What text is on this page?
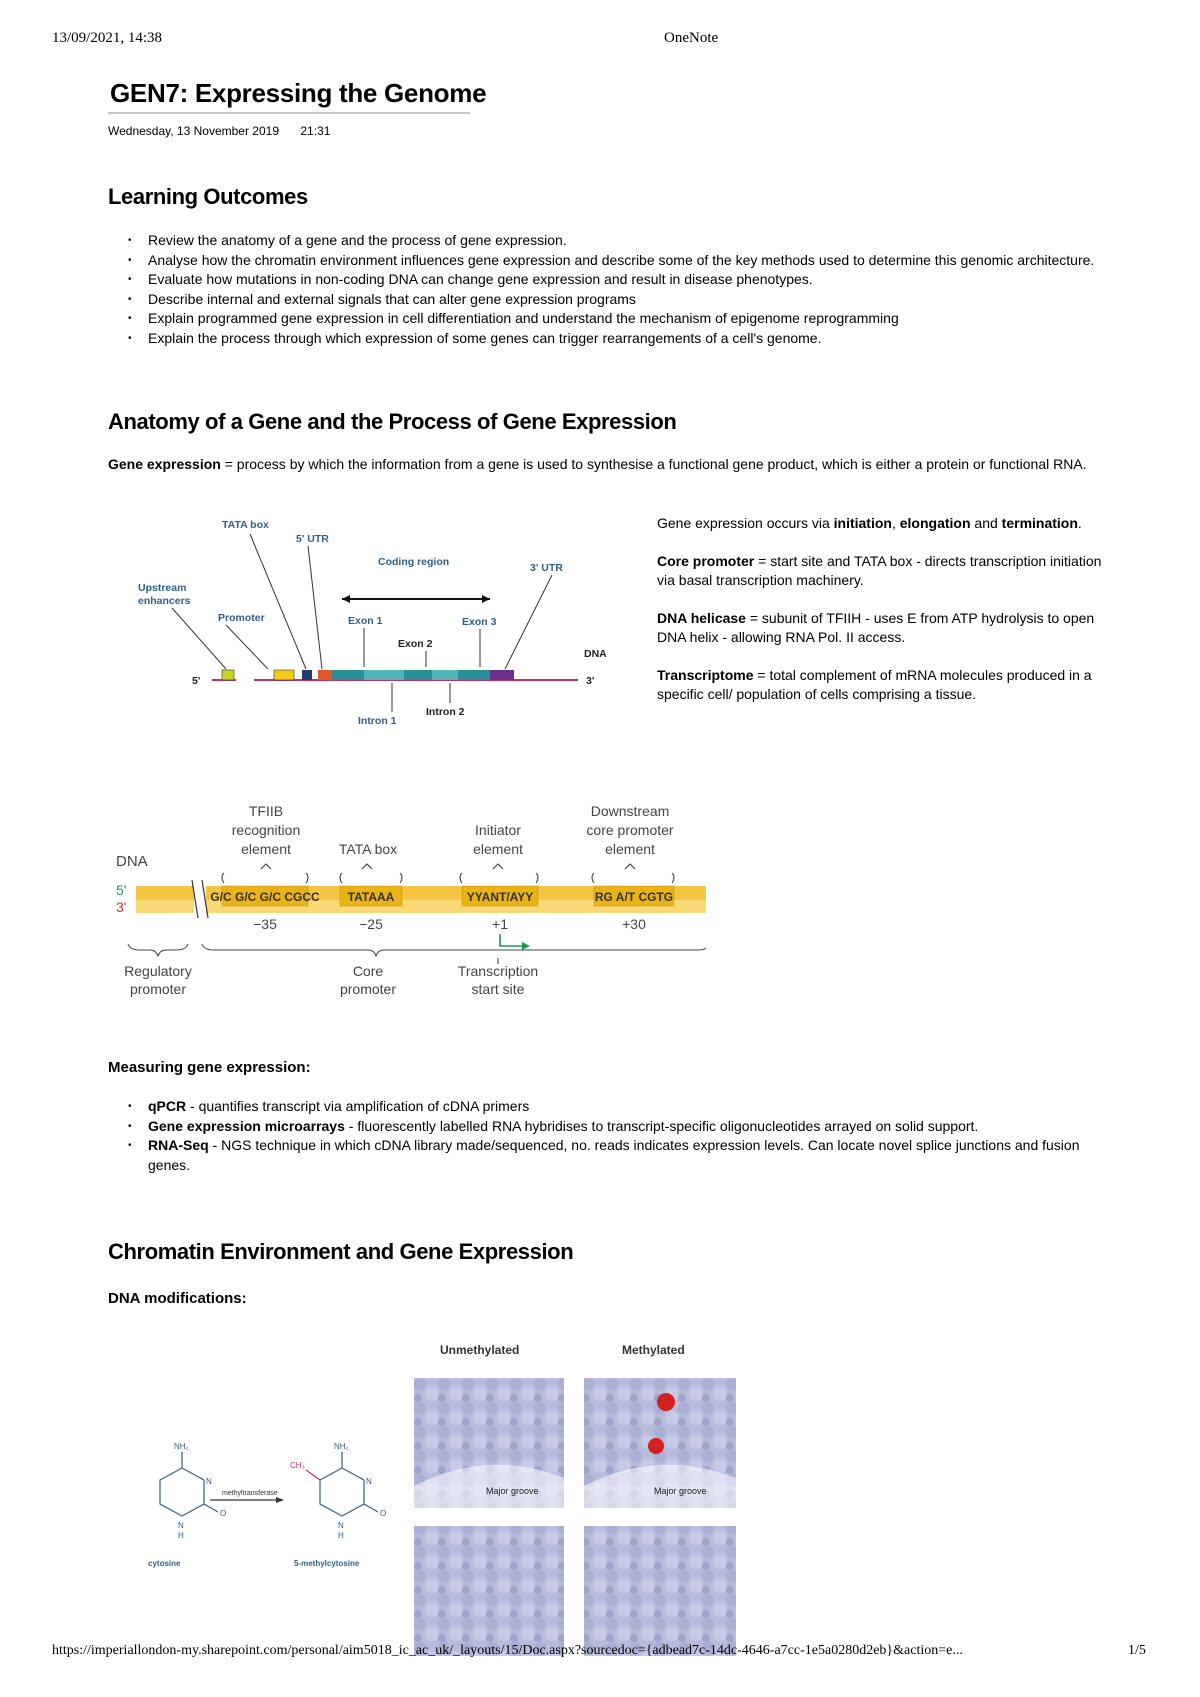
13/09/2021, 14:38	OneNote
GEN7: Expressing the Genome
Wednesday, 13 November 2019 21:31
Learning Outcomes
• Review the anatomy of a gene and the process of gene expression.
• Analyse how the chromatin environment influences gene expression and describe some of the key methods used to determine this genomic architecture.
• Evaluate how mutations in non-coding DNA can change gene expression and result in disease phenotypes.
• Describe internal and external signals that can alter gene expression programs
• Explain programmed gene expression in cell differentiation and understand the mechanism of epigenome reprogramming
• Explain the process through which expression of some genes can trigger rearrangements of a cell's genome.
Anatomy of a Gene and the Process of Gene Expression

Gene expression = process by which the information from a gene is used to synthesise a functional gene product, which is either a protein or functional RNA.

Gene expression occurs via initiation, elongation and termination.

Core promoter = start site and TATA box - directs transcription initiation via basal transcription machinery.

DNA helicase = subunit of TFIIH - uses E from ATP hydrolysis to open DNA helix - allowing RNA Pol. II access.

Transcriptome = total complement of mRNA molecules produced in a specific cell/ population of cells comprising a tissue.

TATA box
5' UTR
Coding region	3' UTR
Upstream
enhancers
Promoter	Exon 1	Exon 3
Intron 1
Exon 2
DNA
5'	3'
Intron 2
TFIIB
recognition
element	TATA box
Initiator
element
Downstream
core promoter
element
DNA
5'
3'
G/C G/C G/C CGCC TATAAA	YYANT/AYY	RG A/T CGTG
−35	−25	+1	+30
Regulatory
promoter
Core
promoter
Transcription
start site
Measuring gene expression:
• qPCR - quantifies transcript via amplification of cDNA primers
• Gene expression microarrays - fluorescently labelled RNA hybridises to transcript-specific oligonucleotides arrayed on solid support.
• RNA-Seq - NGS technique in which cDNA library made/sequenced, no. reads indicates expression levels. Can locate novel splice junctions and fusion genes.
Chromatin Environment and Gene Expression
DNA modifications:
NH₂	NH₂
N
N
H
O
N
N
H
O
methyltransferase
cytosine	5-methylcytosine
CH₃
Unmethylated	Methylated
Major groove	Major groove
https://imperiallondon-my.sharepoint.com/personal/aim5018_ic_ac_uk/_layouts/15/Doc.aspx?sourcedoc={adbead7c-14dc-4646-a7cc-1e5a0280d2eb}&action=e...	1/5
